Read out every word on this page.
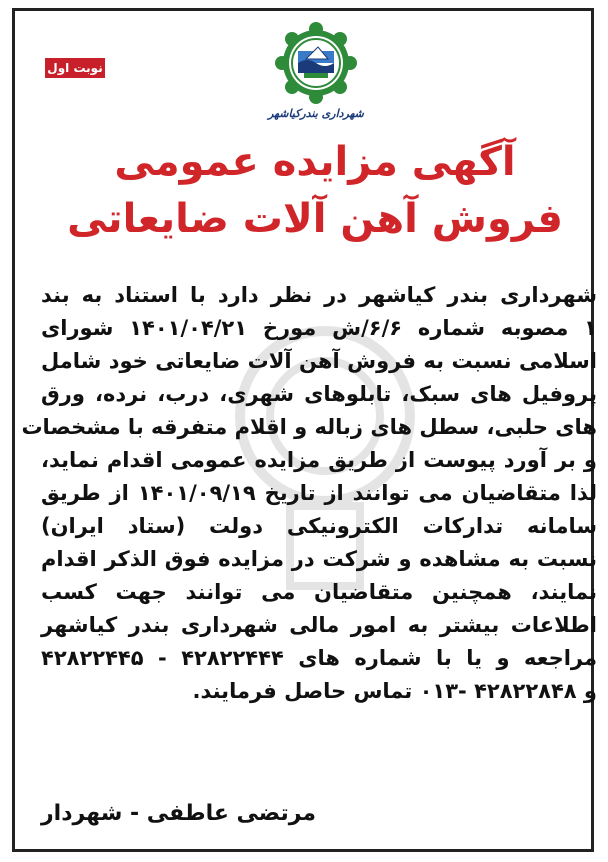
شهرداری بندرکیاشهر
نوبت اول
آگهی مزایده عمومی
فروش آهن آلات ضایعاتی
شهرداری بندر کیاشهر در نظر دارد با استناد به بند
۱ مصوبه شماره ۶/۶/ش مورخ ۱۴۰۱/۰۴/۲۱ شورای
اسلامی نسبت به فروش آهن آلات ضایعاتی خود شامل
پروفیل های سبک، تابلوهای شهری، درب، نرده، ورق
های حلبی، سطل های زباله و اقلام متفرقه با مشخصات
و بر آورد پیوست از طریق مزایده عمومی اقدام نماید،
لذا متقاضیان می توانند از تاریخ ۱۴۰۱/۰۹/۱۹ از طریق
سامانه تدارکات الکترونیکی دولت (ستاد ایران)
نسبت به مشاهده و شرکت در مزایده فوق الذکر اقدام
نمایند، همچنین متقاضیان می توانند جهت کسب
اطلاعات بیشتر به امور مالی شهرداری بندر کیاشهر
مراجعه و یا با شماره های ۴۲۸۲۲۴۴۴ - ۴۲۸۲۲۴۴۵
و ۴۲۸۲۲۸۴۸ -۰۱۳ تماس حاصل فرمایند.
مرتضی عاطفی - شهردار
